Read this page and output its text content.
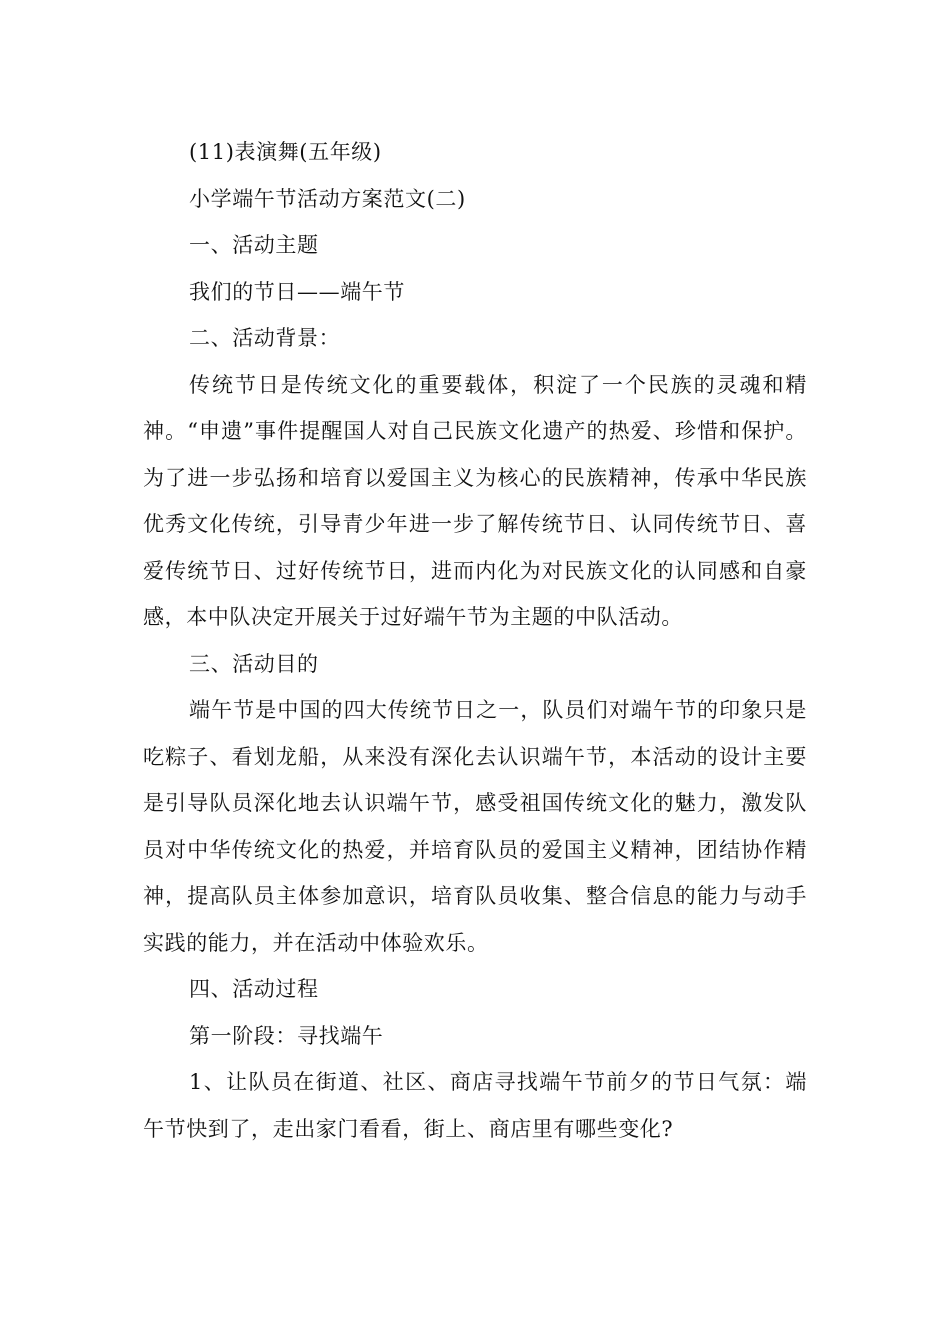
(11)表演舞(五年级)

小学端午节活动方案范文(二)

一、活动主题

我们的节日——端午节

二、活动背景：

传统节日是传统文化的重要载体，积淀了一个民族的灵魂和精神。“申遗”事件提醒国人对自己民族文化遗产的热爱、珍惜和保护。为了进一步弘扬和培育以爱国主义为核心的民族精神，传承中华民族优秀文化传统，引导青少年进一步了解传统节日、认同传统节日、喜爱传统节日、过好传统节日，进而内化为对民族文化的认同感和自豪感，本中队决定开展关于过好端午节为主题的中队活动。

三、活动目的

端午节是中国的四大传统节日之一，队员们对端午节的印象只是吃粽子、看划龙船，从来没有深化去认识端午节，本活动的设计主要是引导队员深化地去认识端午节，感受祖国传统文化的魅力，激发队员对中华传统文化的热爱，并培育队员的爱国主义精神，团结协作精神，提高队员主体参加意识，培育队员收集、整合信息的能力与动手实践的能力，并在活动中体验欢乐。

四、活动过程

第一阶段：寻找端午

1、让队员在街道、社区、商店寻找端午节前夕的节日气氛：端午节快到了，走出家门看看，街上、商店里有哪些变化?
